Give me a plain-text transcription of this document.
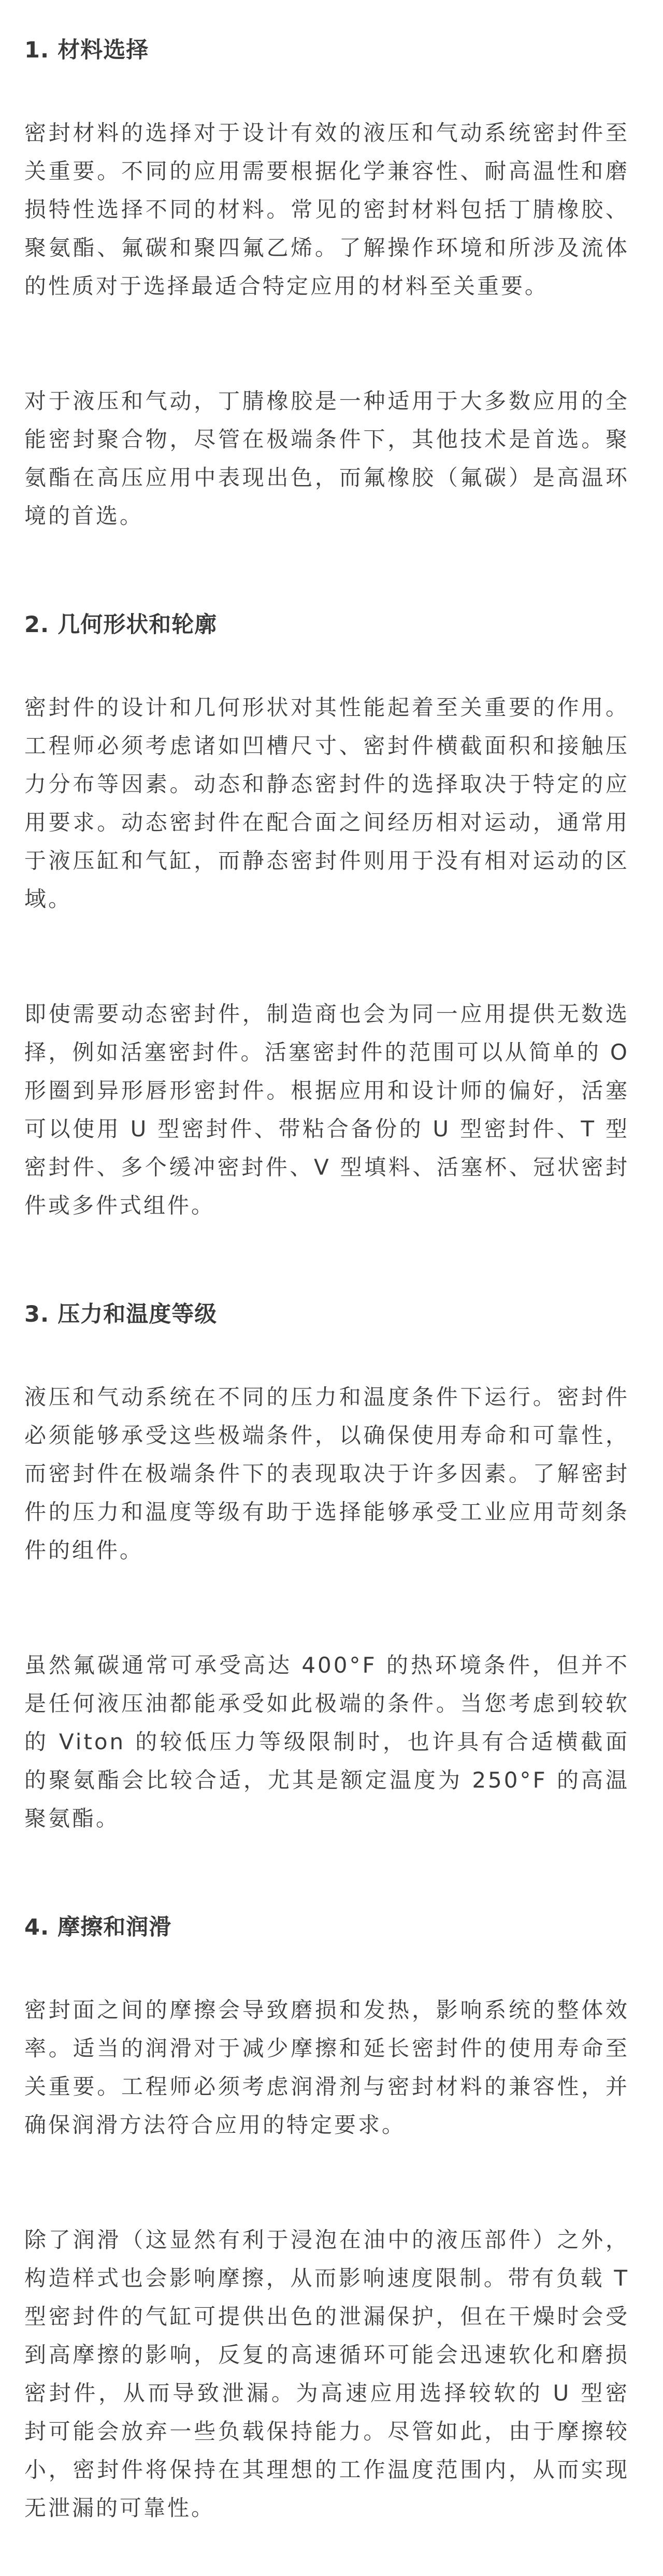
1. 材料选择

密封材料的选择对于设计有效的液压和气动系统密封件至关重要。不同的应用需要根据化学兼容性、耐高温性和磨损特性选择不同的材料。常见的密封材料包括丁腈橡胶、聚氨酯、氟碳和聚四氟乙烯。了解操作环境和所涉及流体的性质对于选择最适合特定应用的材料至关重要。

对于液压和气动，丁腈橡胶是一种适用于大多数应用的全能密封聚合物，尽管在极端条件下，其他技术是首选。聚氨酯在高压应用中表现出色，而氟橡胶（氟碳）是高温环境的首选。

2. 几何形状和轮廓

密封件的设计和几何形状对其性能起着至关重要的作用。工程师必须考虑诸如凹槽尺寸、密封件横截面积和接触压力分布等因素。动态和静态密封件的选择取决于特定的应用要求。动态密封件在配合面之间经历相对运动，通常用于液压缸和气缸，而静态密封件则用于没有相对运动的区域。

即使需要动态密封件，制造商也会为同一应用提供无数选择，例如活塞密封件。活塞密封件的范围可以从简单的 O 形圈到异形唇形密封件。根据应用和设计师的偏好，活塞可以使用 U 型密封件、带粘合备份的 U 型密封件、T 型密封件、多个缓冲密封件、V 型填料、活塞杯、冠状密封件或多件式组件。

3. 压力和温度等级

液压和气动系统在不同的压力和温度条件下运行。密封件必须能够承受这些极端条件，以确保使用寿命和可靠性，而密封件在极端条件下的表现取决于许多因素。了解密封件的压力和温度等级有助于选择能够承受工业应用苛刻条件的组件。

虽然氟碳通常可承受高达 400°F 的热环境条件，但并不是任何液压油都能承受如此极端的条件。当您考虑到较软的 Viton 的较低压力等级限制时，也许具有合适横截面的聚氨酯会比较合适，尤其是额定温度为 250°F 的高温聚氨酯。

4. 摩擦和润滑

密封面之间的摩擦会导致磨损和发热，影响系统的整体效率。适当的润滑对于减少摩擦和延长密封件的使用寿命至关重要。工程师必须考虑润滑剂与密封材料的兼容性，并确保润滑方法符合应用的特定要求。

除了润滑（这显然有利于浸泡在油中的液压部件）之外，构造样式也会影响摩擦，从而影响速度限制。带有负载 T 型密封件的气缸可提供出色的泄漏保护，但在干燥时会受到高摩擦的影响，反复的高速循环可能会迅速软化和磨损密封件，从而导致泄漏。为高速应用选择较软的 U 型密封可能会放弃一些负载保持能力。尽管如此，由于摩擦较小，密封件将保持在其理想的工作温度范围内，从而实现无泄漏的可靠性。
